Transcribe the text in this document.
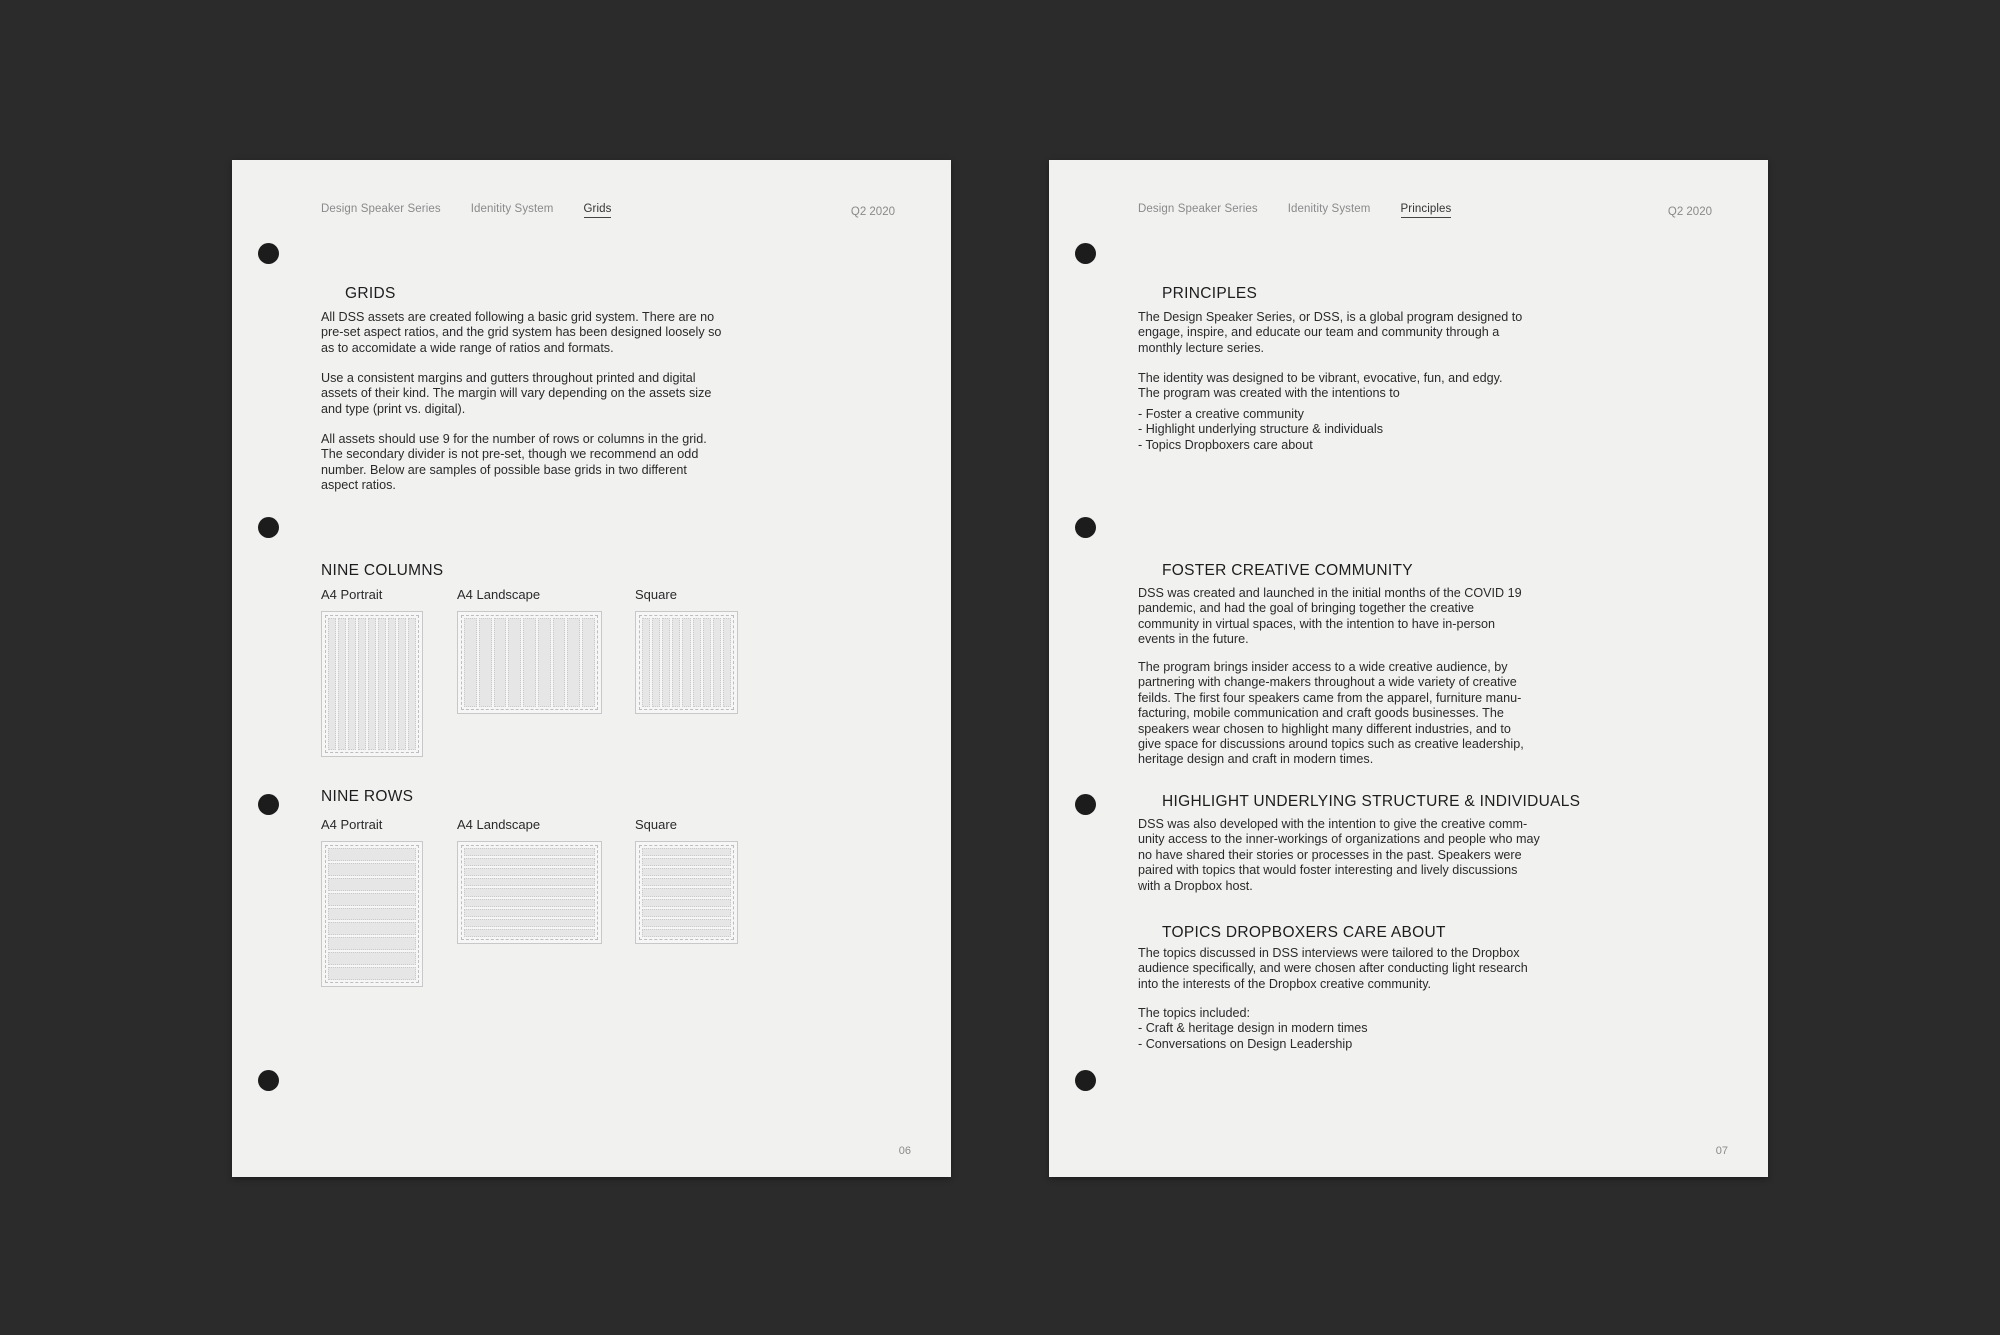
Design Speaker Series	Idenitity System	Grids	Q2 2020
GRIDS
All DSS assets are created following a basic grid system. There are no
pre-set aspect ratios, and the grid system has been designed loosely so
as to accomidate a wide range of ratios and formats.
Use a consistent margins and gutters throughout printed and digital
assets of their kind. The margin will vary depending on the assets size
and type (print vs. digital).
All assets should use 9 for the number of rows or columns in the grid.
The secondary divider is not pre-set, though we recommend an odd
number. Below are samples of possible base grids in two different
aspect ratios.
NINE COLUMNS
A4 Portrait	A4 Landscape	Square
NINE ROWS
A4 Portrait	A4 Landscape	Square
06
Design Speaker Series	Idenitity System	Principles	Q2 2020
PRINCIPLES
The Design Speaker Series, or DSS, is a global program designed to
engage, inspire, and educate our team and community through a
monthly lecture series.
The identity was designed to be vibrant, evocative, fun, and edgy.
The program was created with the intentions to
- Foster a creative community
- Highlight underlying structure & individuals
- Topics Dropboxers care about
FOSTER CREATIVE COMMUNITY
DSS was created and launched in the initial months of the COVID 19
pandemic, and had the goal of bringing together the creative
community in virtual spaces, with the intention to have in-person
events in the future.
The program brings insider access to a wide creative audience, by
partnering with change-makers throughout a wide variety of creative
feilds. The first four speakers came from the apparel, furniture manu-
facturing, mobile communication and craft goods businesses. The
speakers wear chosen to highlight many different industries, and to
give space for discussions around topics such as creative leadership,
heritage design and craft in modern times.
HIGHLIGHT UNDERLYING STRUCTURE & INDIVIDUALS
DSS was also developed with the intention to give the creative comm-
unity access to the inner-workings of organizations and people who may
no have shared their stories or processes in the past. Speakers were
paired with topics that would foster interesting and lively discussions
with a Dropbox host.
TOPICS DROPBOXERS CARE ABOUT
The topics discussed in DSS interviews were tailored to the Dropbox
audience specifically, and were chosen after conducting light research
into the interests of the Dropbox creative community.
The topics included:
- Craft & heritage design in modern times
- Conversations on Design Leadership
07
